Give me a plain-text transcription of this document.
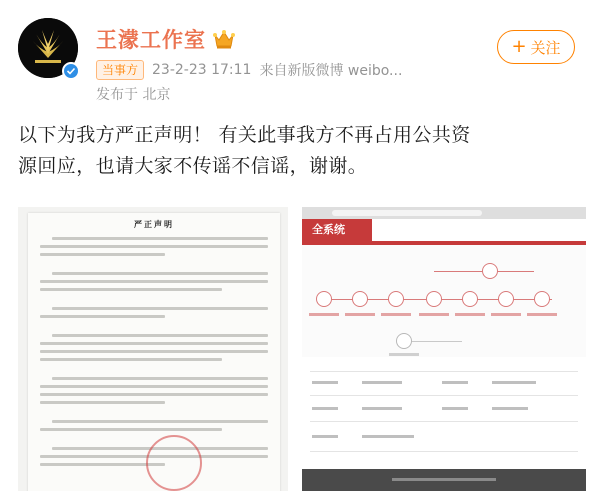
王濛工作室
当事方	23-2-23 17:11 来自新版微博 weibo...
发布于 北京
+ 关注
以下为我方严正声明！ 有关此事我方不再占用公共资
源回应，也请大家不传谣不信谣，谢谢。
严正声明	全系统
